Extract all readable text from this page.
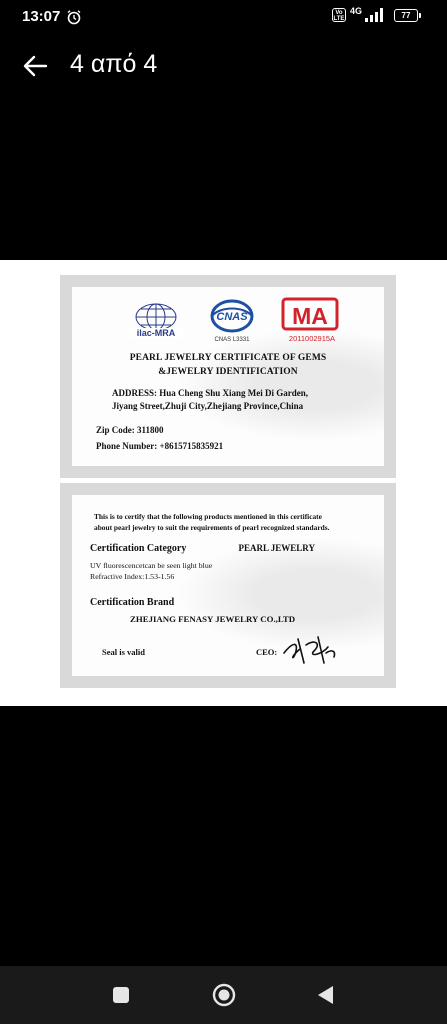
13:07	Vo LTE
4G	77
4 από 4
ilac-MRA
CNAS
CNAS L3331
MA
2011002915A
PEARL JEWELRY CERTIFICATE OF GEMS
&JEWELRY IDENTIFICATION
ADDRESS: Hua Cheng Shu Xiang Mei Di Garden,
Jiyang Street,Zhuji City,Zhejiang Province,China
Zip Code: 311800
Phone Number: +8615715835921
This is to certify that the following products mentioned in this certificate
about pearl jewelry to suit the requirements of pearl recognized standards.
Certification Category	PEARL JEWELRY
UV fluorescencetcan be seen light blue
Refractive Index:1.53-1.56
Certification Brand
ZHEJIANG FENASY JEWELRY CO.,LTD
Seal is valid	CEO:
